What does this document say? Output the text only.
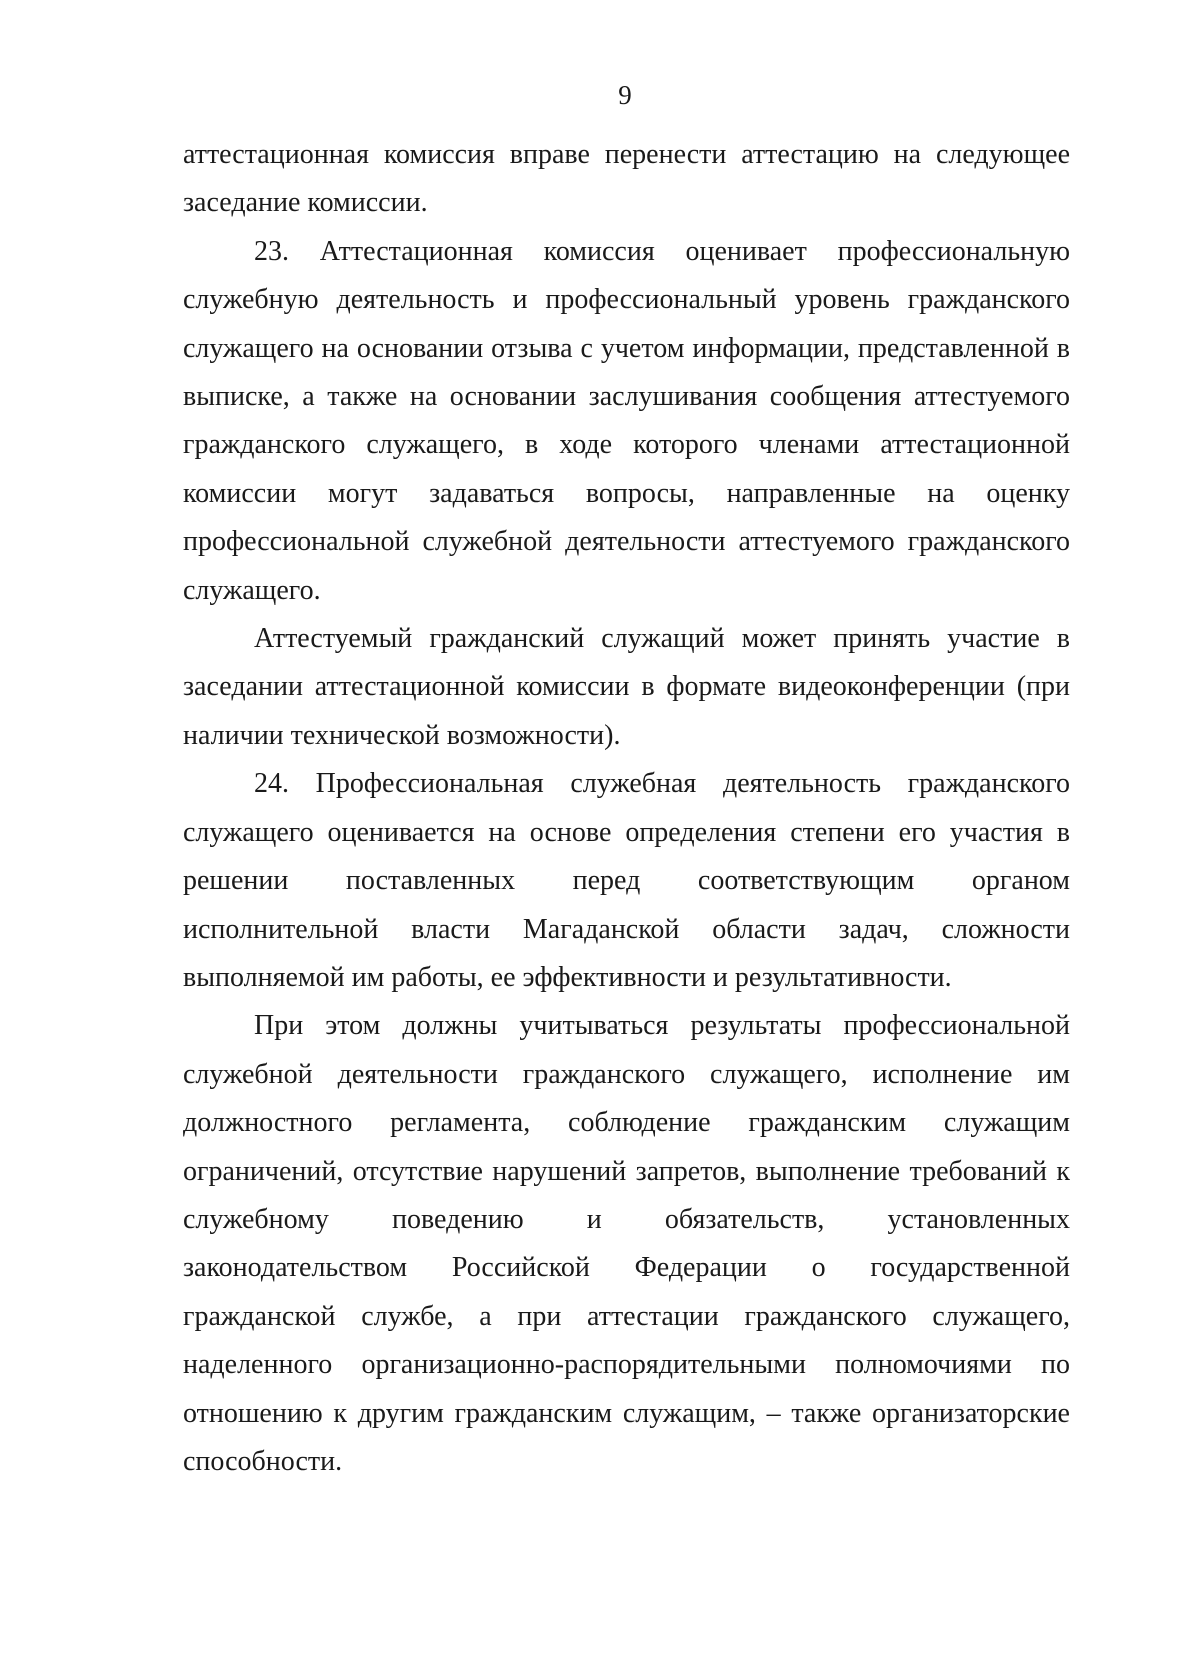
9

аттестационная комиссия вправе перенести аттестацию на следующее заседание комиссии.

23. Аттестационная комиссия оценивает профессиональную служебную деятельность и профессиональный уровень гражданского служащего на основании отзыва с учетом информации, представленной в выписке, а также на основании заслушивания сообщения аттестуемого гражданского служащего, в ходе которого членами аттестационной комиссии могут задаваться вопросы, направленные на оценку профессиональной служебной деятельности аттестуемого гражданского служащего.

Аттестуемый гражданский служащий может принять участие в заседании аттестационной комиссии в формате видеоконференции (при наличии технической возможности).

24. Профессиональная служебная деятельность гражданского служащего оценивается на основе определения степени его участия в решении поставленных перед соответствующим органом исполнительной власти Магаданской области задач, сложности выполняемой им работы, ее эффективности и результативности.

При этом должны учитываться результаты профессиональной служебной деятельности гражданского служащего, исполнение им должностного регламента, соблюдение гражданским служащим ограничений, отсутствие нарушений запретов, выполнение требований к служебному поведению и обязательств, установленных законодательством Российской Федерации о государственной гражданской службе, а при аттестации гражданского служащего, наделенного организационно-распорядительными полномочиями по отношению к другим гражданским служащим, – также организаторские способности.
